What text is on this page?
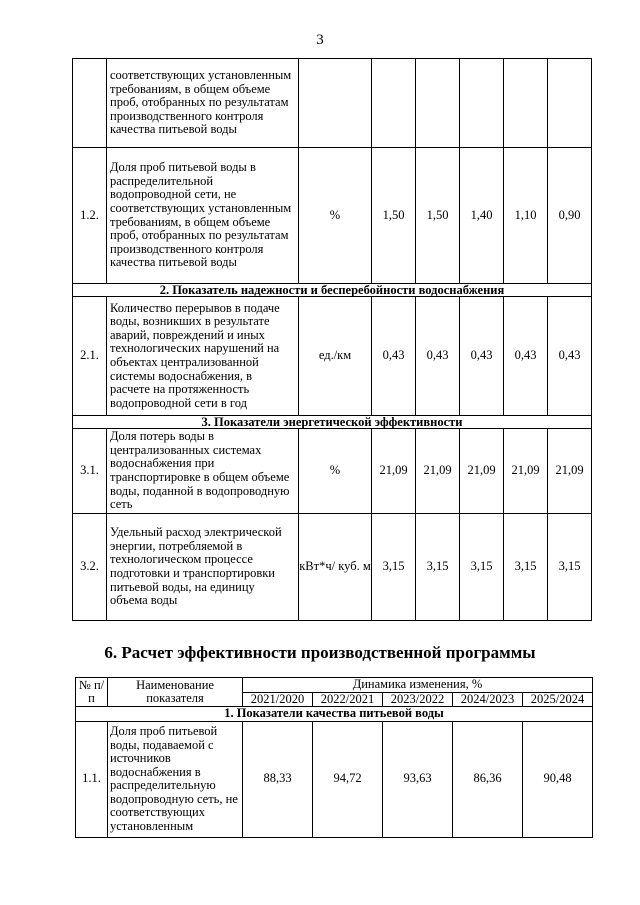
3
	соответствующих установленным требованиям, в общем объеме проб, отобранных по результатам производственного контроля качества питьевой воды						
1.2.	Доля проб питьевой воды в распределительной водопроводной сети, не соответствующих установленным требованиям, в общем объеме проб, отобранных по результатам производственного контроля качества питьевой воды	%	1,50	1,50	1,40	1,10	0,90
2. Показатель надежности и бесперебойности водоснабжения							
2.1.	Количество перерывов в подаче воды, возникших в результате аварий, повреждений и иных технологических нарушений на объектах централизованной системы водоснабжения, в расчете на протяженность водопроводной сети в год	ед./км	0,43	0,43	0,43	0,43	0,43
3. Показатели энергетической эффективности							
3.1.	Доля потерь воды в централизованных системах водоснабжения при транспортировке в общем объеме воды, поданной в водопроводную сеть	%	21,09	21,09	21,09	21,09	21,09
3.2.	Удельный расход электрической энергии, потребляемой в технологическом процессе подготовки и транспортировки питьевой воды, на единицу объема воды	кВт*ч/ куб. м	3,15	3,15	3,15	3,15	3,15
6. Расчет эффективности производственной программы
№ п/п	Наименование показателя	Динамика изменения, %				
		2021/2020	2022/2021	2023/2022	2024/2023	2025/2024
1. Показатели качества питьевой воды						
1.1.	Доля проб питьевой воды, подаваемой с источников водоснабжения в распределительную водопроводную сеть, не соответствующих установленным	88,33	94,72	93,63	86,36	90,48
